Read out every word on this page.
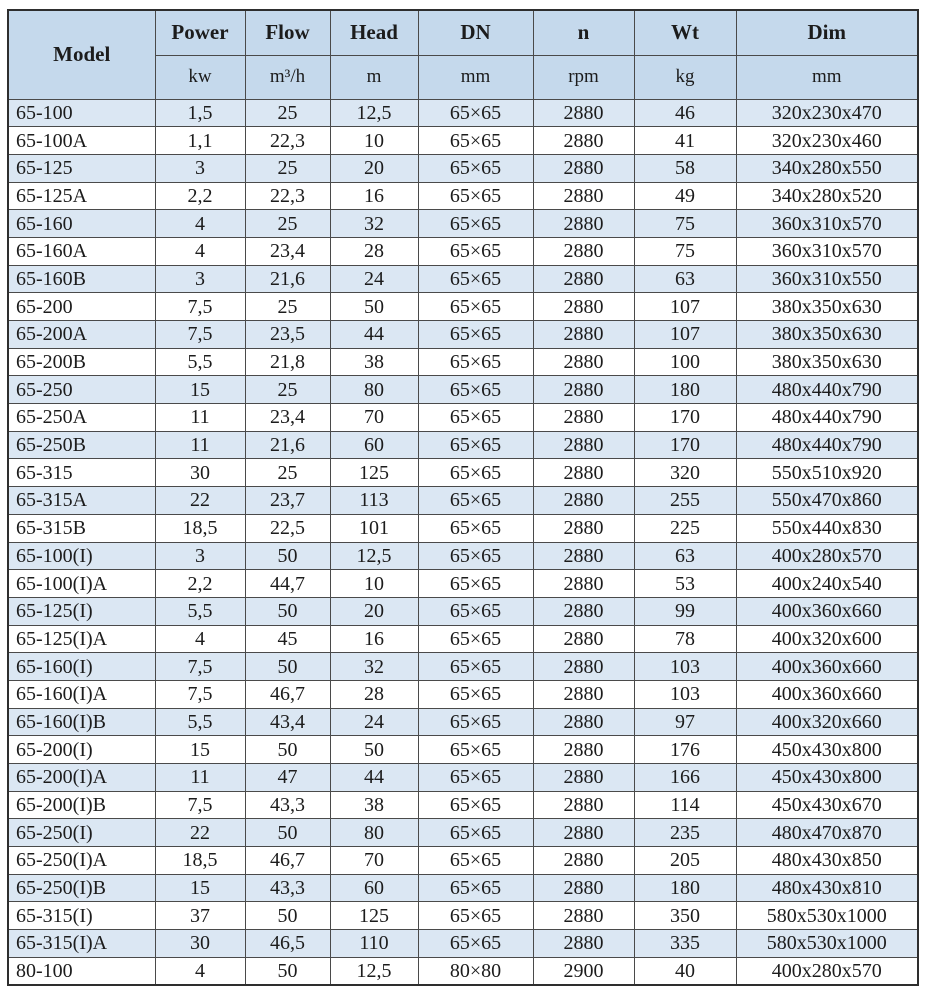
Model	Power	Flow	Head	DN	n	Wt	Dim
	kw	m³/h	m	mm	rpm	kg	mm
65-100	1,5	25	12,5	65×65	2880	46	320x230x470
65-100A	1,1	22,3	10	65×65	2880	41	320x230x460
65-125	3	25	20	65×65	2880	58	340x280x550
65-125A	2,2	22,3	16	65×65	2880	49	340x280x520
65-160	4	25	32	65×65	2880	75	360x310x570
65-160A	4	23,4	28	65×65	2880	75	360x310x570
65-160B	3	21,6	24	65×65	2880	63	360x310x550
65-200	7,5	25	50	65×65	2880	107	380x350x630
65-200A	7,5	23,5	44	65×65	2880	107	380x350x630
65-200B	5,5	21,8	38	65×65	2880	100	380x350x630
65-250	15	25	80	65×65	2880	180	480x440x790
65-250A	11	23,4	70	65×65	2880	170	480x440x790
65-250B	11	21,6	60	65×65	2880	170	480x440x790
65-315	30	25	125	65×65	2880	320	550x510x920
65-315A	22	23,7	113	65×65	2880	255	550x470x860
65-315B	18,5	22,5	101	65×65	2880	225	550x440x830
65-100(I)	3	50	12,5	65×65	2880	63	400x280x570
65-100(I)A	2,2	44,7	10	65×65	2880	53	400x240x540
65-125(I)	5,5	50	20	65×65	2880	99	400x360x660
65-125(I)A	4	45	16	65×65	2880	78	400x320x600
65-160(I)	7,5	50	32	65×65	2880	103	400x360x660
65-160(I)A	7,5	46,7	28	65×65	2880	103	400x360x660
65-160(I)B	5,5	43,4	24	65×65	2880	97	400x320x660
65-200(I)	15	50	50	65×65	2880	176	450x430x800
65-200(I)A	11	47	44	65×65	2880	166	450x430x800
65-200(I)B	7,5	43,3	38	65×65	2880	114	450x430x670
65-250(I)	22	50	80	65×65	2880	235	480x470x870
65-250(I)A	18,5	46,7	70	65×65	2880	205	480x430x850
65-250(I)B	15	43,3	60	65×65	2880	180	480x430x810
65-315(I)	37	50	125	65×65	2880	350	580x530x1000
65-315(I)A	30	46,5	110	65×65	2880	335	580x530x1000
80-100	4	50	12,5	80×80	2900	40	400x280x570
